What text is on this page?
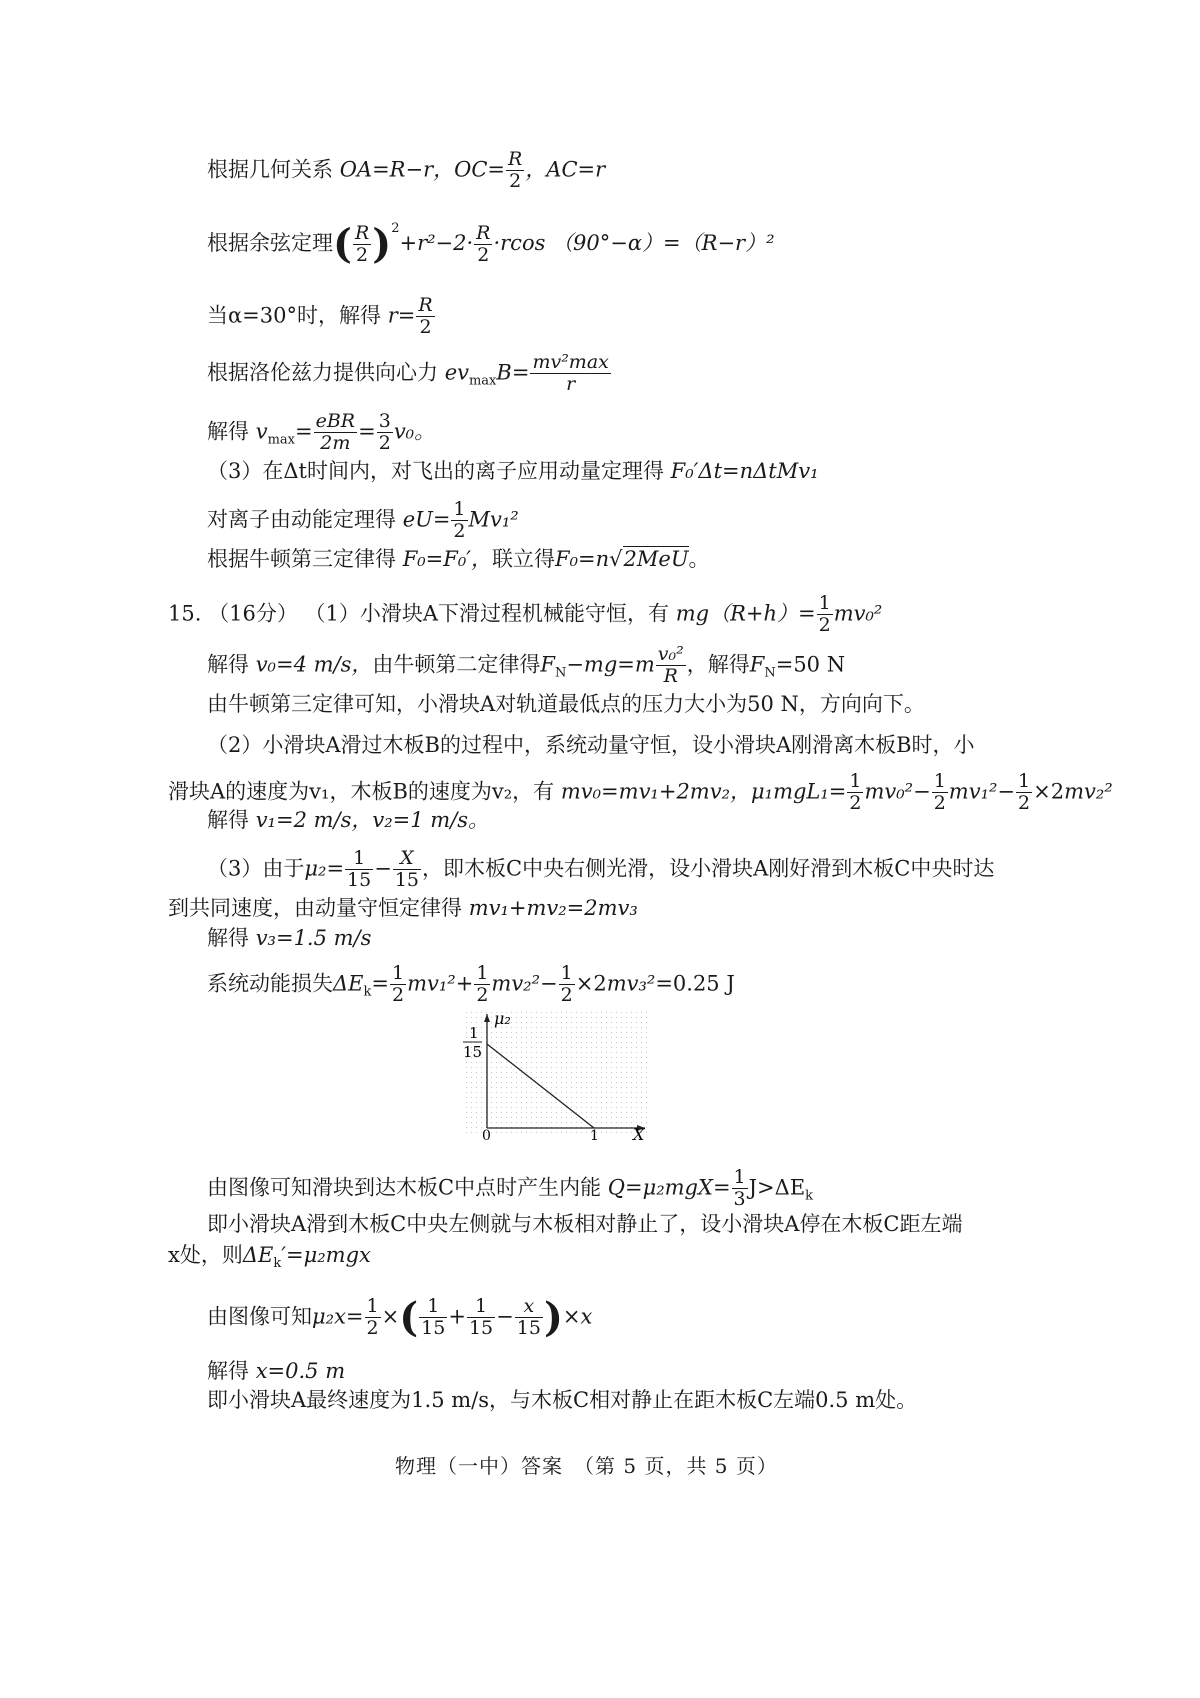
根据几何关系 OA=R−r，$OC= \frac{R}{2}$ ，AC=r
根据余弦定理( $\frac{R}{2} )^2+r^2-2\cdot \frac{R}{2} \cdot rcos$ （90°−α）=（R−r）²
当α=30°时，解得 $r= \frac{R}{2}$
根据洛伦兹力提供向心力 $ev_{max}B= \frac{\text{mv²max}}{r}$
解得 $v_{max}= \frac{\text{eBR}}{2m} = \frac{3}{2} v_0$。
（3）在Δt时间内，对飞出的离子应用动量定理得 F₀′Δt=nΔtMv₁
对离子由动能定理得 $eU= \frac{1}{2} Mv_1^2$
根据牛顿第三定律得 F₀=F₀′，联立得F₀=n√2MeU。
15. （16分） （1）小滑块A下滑过程机械能守恒，有 $mg(R+h)= \frac{1}{2} mv_0^2$
解得 v₀=4 m/s，由牛顿第二定律得$F_N-mg=m \frac{\text{v₀²}}{R}$ ，解得$F_N=50$ N
由牛顿第三定律可知，小滑块A对轨道最低点的压力大小为50 N，方向向下。
（2）小滑块A滑过木板B的过程中，系统动量守恒，设小滑块A刚滑离木板B时，小
滑块A的速度为v₁，木板B的速度为v₂，有 mv₀=mv₁+2mv₂，$\mu_1mgL_1= \frac{1}{2} mv_0^2- \frac{1}{2} mv_1^2- \frac{1}{2} \times 2mv_2^2$
解得 v₁=2 m/s，v₂=1 m/s。
（3）由于$\mu_2= \frac{1}{15} - \frac{X}{15}$ ，即木板C中央右侧光滑，设小滑块A刚好滑到木板C中央时达
到共同速度，由动量守恒定律得 mv₁+mv₂=2mv₃
解得 v₃=1.5 m/s
系统动能损失$\Delta E_k= \frac{1}{2} mv_1^2+ \frac{1}{2} mv_2^2- \frac{1}{2} \times 2mv_3^2=0.25$ J
1
15
μ₂
0	1 X
由图像可知滑块到达木板C中点时产生内能 $Q=\mu_2mgX= \frac{1}{3} J>\Delta E_k$
即小滑块A滑到木板C中央左侧就与木板相对静止了，设小滑块A停在木板C距左端
x处，则$\Delta E_k'=\mu_2mgx$
由图像可知$\mu_2x= \frac{1}{2}$ ×( $\frac{1}{15} + \frac{1}{15} - \frac{x}{15} )\times x$
解得 x=0.5 m
即小滑块A最终速度为1.5 m/s，与木板C相对静止在距木板C左端0.5 m处。
物理（一中）答案　（第 5 页，共 5 页）
